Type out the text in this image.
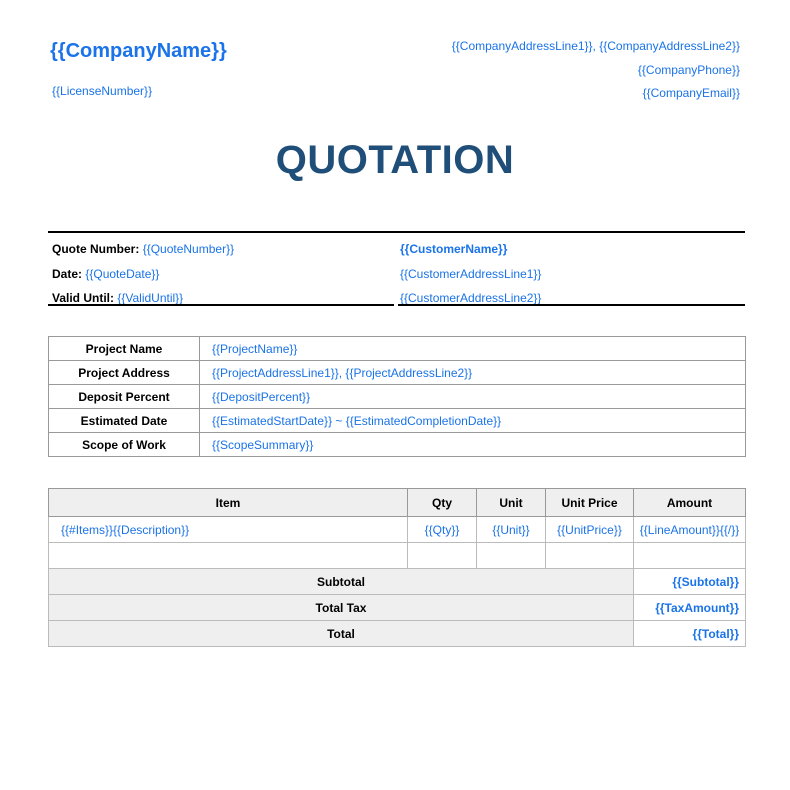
{{CompanyName}}
{{LicenseNumber}}
{{CompanyAddressLine1}}, {{CompanyAddressLine2}}
{{CompanyPhone}}
{{CompanyEmail}}
QUOTATION
Quote Number: {{QuoteNumber}}
Date: {{QuoteDate}}
Valid Until: {{ValidUntil}}
{{CustomerName}}
{{CustomerAddressLine1}}
{{CustomerAddressLine2}}
Project Name	{{ProjectName}}
Project Address	{{ProjectAddressLine1}}, {{ProjectAddressLine2}}
Deposit Percent	{{DepositPercent}}
Estimated Date	{{EstimatedStartDate}} ~ {{EstimatedCompletionDate}}
Scope of Work	{{ScopeSummary}}
Item	Qty	Unit	Unit Price	Amount
{{#Items}}{{Description}}	{{Qty}}	{{Unit}}	{{UnitPrice}}	{{LineAmount}}{{/}}

Subtotal				{{Subtotal}}
Total Tax				{{TaxAmount}}
Total				{{Total}}
